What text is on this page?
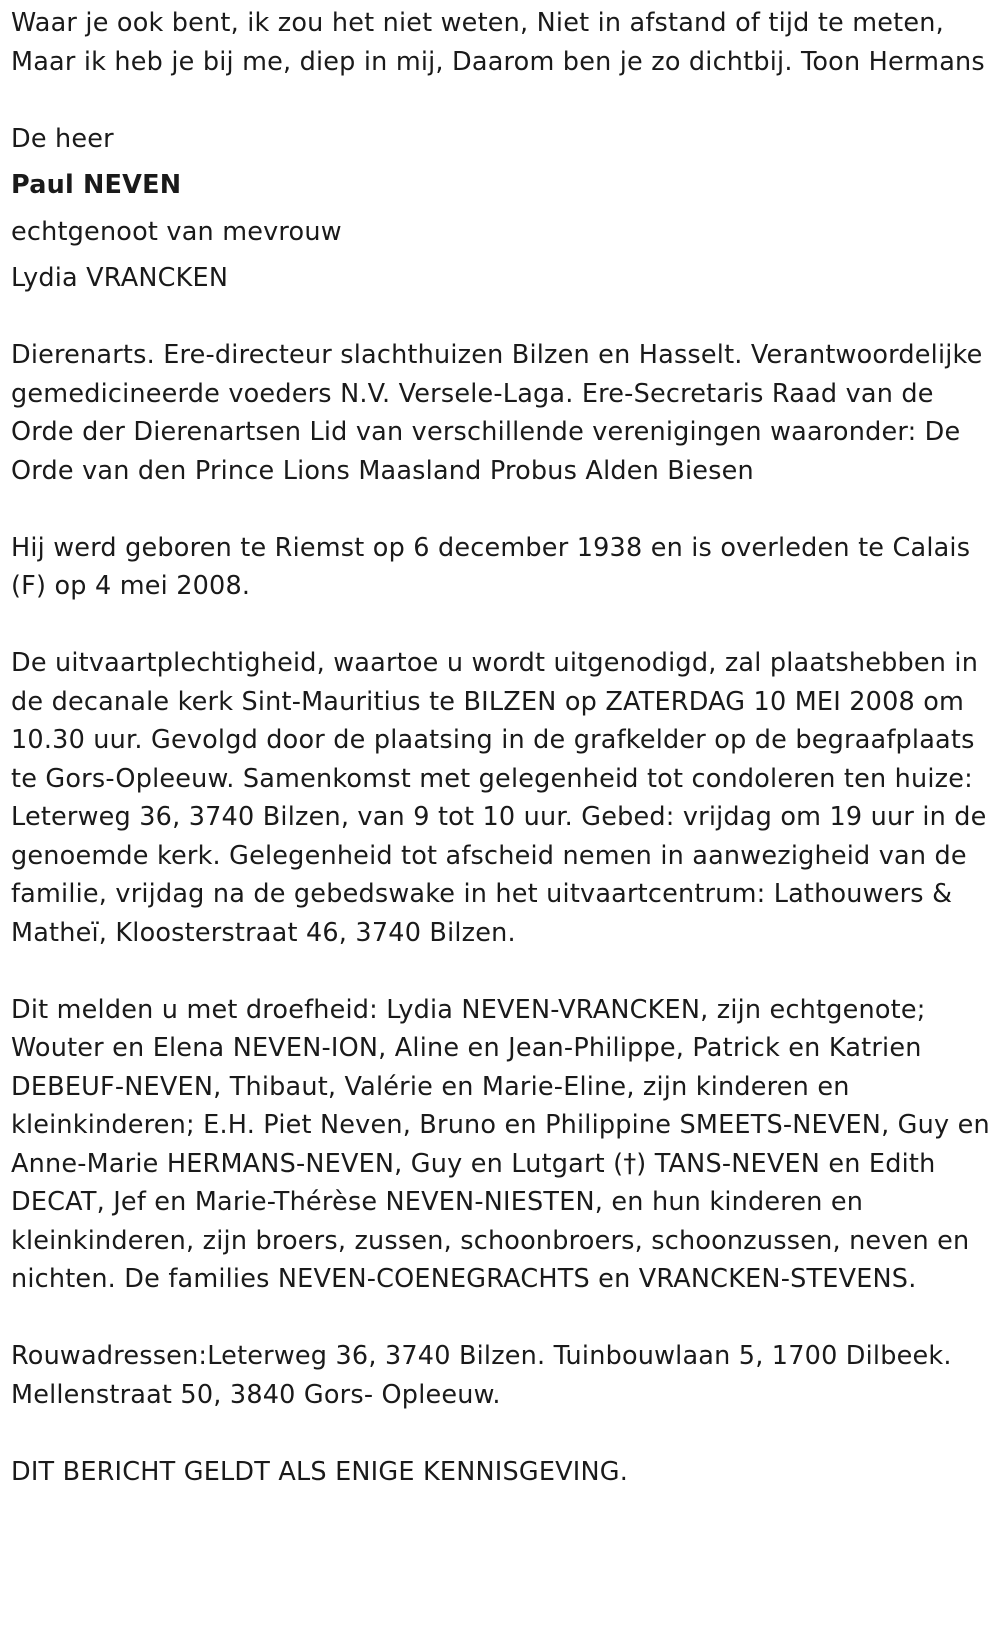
Waar je ook bent, ik zou het niet weten, Niet in afstand of tijd te meten, Maar ik heb je bij me, diep in mij, Daarom ben je zo dichtbij. Toon Hermans

De heer

Paul NEVEN

echtgenoot van mevrouw

Lydia VRANCKEN

Dierenarts. Ere-directeur slachthuizen Bilzen en Hasselt. Verantwoordelijke gemedicineerde voeders N.V. Versele-Laga. Ere-Secretaris Raad van de Orde der Dierenartsen Lid van verschillende verenigingen waaronder: De Orde van den Prince Lions Maasland Probus Alden Biesen

Hij werd geboren te Riemst op 6 december 1938 en is overleden te Calais (F) op 4 mei 2008.

De uitvaartplechtigheid, waartoe u wordt uitgenodigd, zal plaatshebben in de decanale kerk Sint-Mauritius te BILZEN op ZATERDAG 10 MEI 2008 om 10.30 uur. Gevolgd door de plaatsing in de grafkelder op de begraafplaats te Gors-Opleeuw. Samenkomst met gelegenheid tot condoleren ten huize: Leterweg 36, 3740 Bilzen, van 9 tot 10 uur. Gebed: vrijdag om 19 uur in de genoemde kerk. Gelegenheid tot afscheid nemen in aanwezigheid van de familie, vrijdag na de gebedswake in het uitvaartcentrum: Lathouwers & Matheï, Kloosterstraat 46, 3740 Bilzen.

Dit melden u met droefheid: Lydia NEVEN-VRANCKEN, zijn echtgenote; Wouter en Elena NEVEN-ION, Aline en Jean-Philippe, Patrick en Katrien DEBEUF-NEVEN, Thibaut, Valérie en Marie-Eline, zijn kinderen en kleinkinderen; E.H. Piet Neven, Bruno en Philippine SMEETS-NEVEN, Guy en Anne-Marie HERMANS-NEVEN, Guy en Lutgart (†) TANS-NEVEN en Edith DECAT, Jef en Marie-Thérèse NEVEN-NIESTEN, en hun kinderen en kleinkinderen, zijn broers, zussen, schoonbroers, schoonzussen, neven en nichten. De families NEVEN-COENEGRACHTS en VRANCKEN-STEVENS.

Rouwadressen:Leterweg 36, 3740 Bilzen. Tuinbouwlaan 5, 1700 Dilbeek. Mellenstraat 50, 3840 Gors- Opleeuw.

DIT BERICHT GELDT ALS ENIGE KENNISGEVING.
